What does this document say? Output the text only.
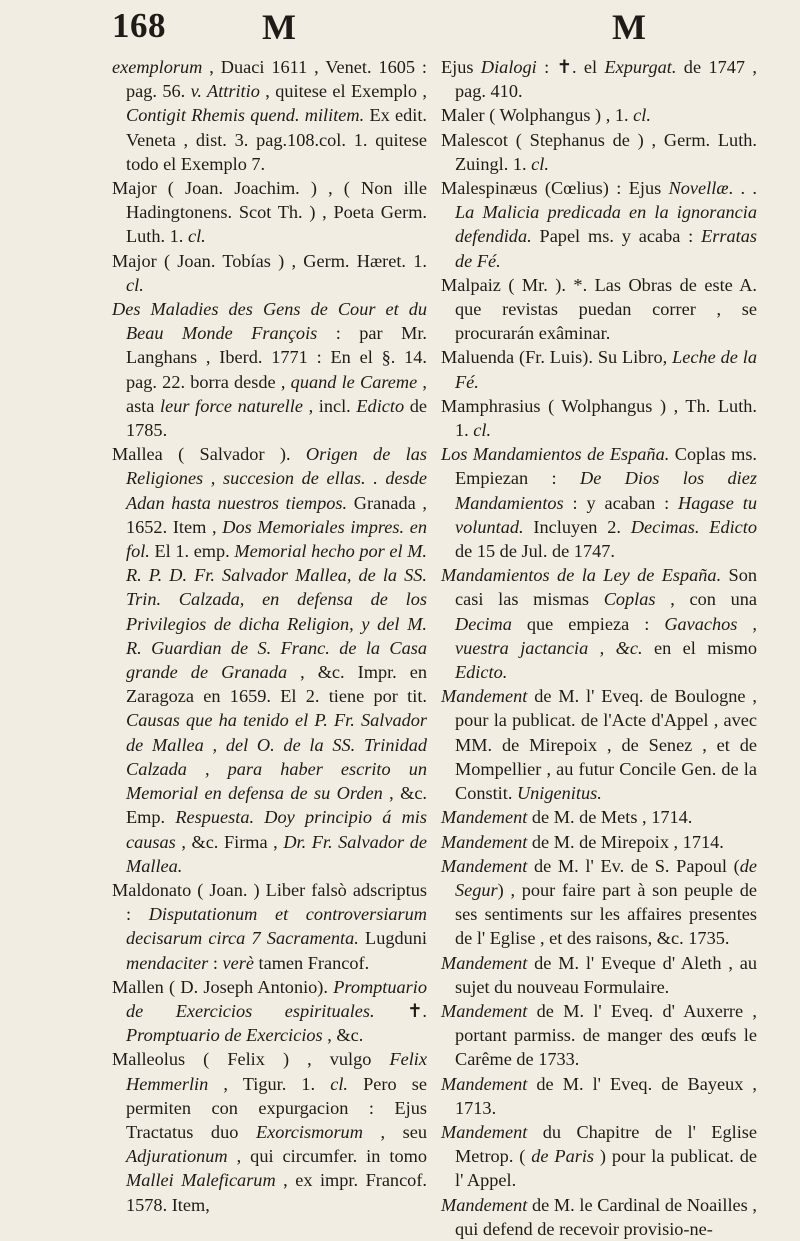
168	M	M

exemplorum , Duaci 1611 , Venet. 1605 : pag. 56. v. Attritio , quitese el Exemplo , Contigit Rhemis quend. militem. Ex edit. Veneta , dist. 3. pag.108.col. 1. quitese todo el Exemplo 7.

Major ( Joan. Joachim. ) , ( Non ille Hadingtonens. Scot Th. ) , Poeta Germ. Luth. 1. cl.

Major ( Joan. Tobías ) , Germ. Hæret. 1. cl.

Des Maladies des Gens de Cour et du Beau Monde François : par Mr. Langhans , Iberd. 1771 : En el §. 14. pag. 22. borra desde , quand le Careme , asta leur force naturelle , incl. Edicto de 1785.

Mallea ( Salvador ). Origen de las Religiones , succesion de ellas. . desde Adan hasta nuestros tiempos. Granada , 1652. Item , Dos Memoriales impres. en fol. El 1. emp. Memorial hecho por el M. R. P. D. Fr. Salvador Mallea, de la SS. Trin. Calzada, en defensa de los Privilegios de dicha Religion, y del M. R. Guardian de S. Franc. de la Casa grande de Granada , &c. Impr. en Zaragoza en 1659. El 2. tiene por tit. Causas que ha tenido el P. Fr. Salvador de Mallea , del O. de la SS. Trinidad Calzada , para haber escrito un Memorial en defensa de su Orden , &c. Emp. Respuesta. Doy principio á mis causas , &c. Firma , Dr. Fr. Salvador de Mallea.

Maldonato ( Joan. ) Liber falsò adscriptus : Disputationum et controversiarum decisarum circa 7 Sacramenta. Lugduni mendaciter : verè tamen Francof.

Mallen ( D. Joseph Antonio). Promptuario de Exercicios espirituales. ✝. Promptuario de Exercicios , &c.

Malleolus ( Felix ) , vulgo Felix Hemmerlin , Tigur. 1. cl. Pero se permiten con expurgacion : Ejus Tractatus duo Exorcismorum , seu Adjurationum , qui circumfer. in tomo Mallei Maleficarum , ex impr. Francof. 1578. Item,

Ejus Dialogi : ✝. el Expurgat. de 1747 , pag. 410.

Maler ( Wolphangus ) , 1. cl.

Malescot ( Stephanus de ) , Germ. Luth. Zuingl. 1. cl.

Malespinæus (Cœlius) : Ejus Novellæ. . . La Malicia predicada en la ignorancia defendida. Papel ms. y acaba : Erratas de Fé.

Malpaiz ( Mr. ). *. Las Obras de este A. que revistas puedan correr , se procurarán exâminar.

Maluenda (Fr. Luis). Su Libro, Leche de la Fé.

Mamphrasius ( Wolphangus ) , Th. Luth. 1. cl.

Los Mandamientos de España. Coplas ms. Empiezan : De Dios los diez Mandamientos : y acaban : Hagase tu voluntad. Incluyen 2. Decimas. Edicto de 15 de Jul. de 1747.

Mandamientos de la Ley de España. Son casi las mismas Coplas , con una Decima que empieza : Gavachos , vuestra jactancia , &c. en el mismo Edicto.

Mandement de M. l' Eveq. de Boulogne , pour la publicat. de l'Acte d'Appel , avec MM. de Mirepoix , de Senez , et de Mompellier , au futur Concile Gen. de la Constit. Unigenitus.

Mandement de M. de Mets , 1714.

Mandement de M. de Mirepoix , 1714.

Mandement de M. l' Ev. de S. Papoul (de Segur) , pour faire part à son peuple de ses sentiments sur les affaires presentes de l' Eglise , et des raisons, &c. 1735.

Mandement de M. l' Eveque d' Aleth , au sujet du nouveau Formulaire.

Mandement de M. l' Eveq. d' Auxerre , portant parmiss. de manger des œufs le Carême de 1733.

Mandement de M. l' Eveq. de Bayeux , 1713.

Mandement du Chapitre de l' Eglise Metrop. ( de Paris ) pour la publicat. de l' Appel.

Mandement de M. le Cardinal de Noailles , qui defend de recevoir provisio-ne-
